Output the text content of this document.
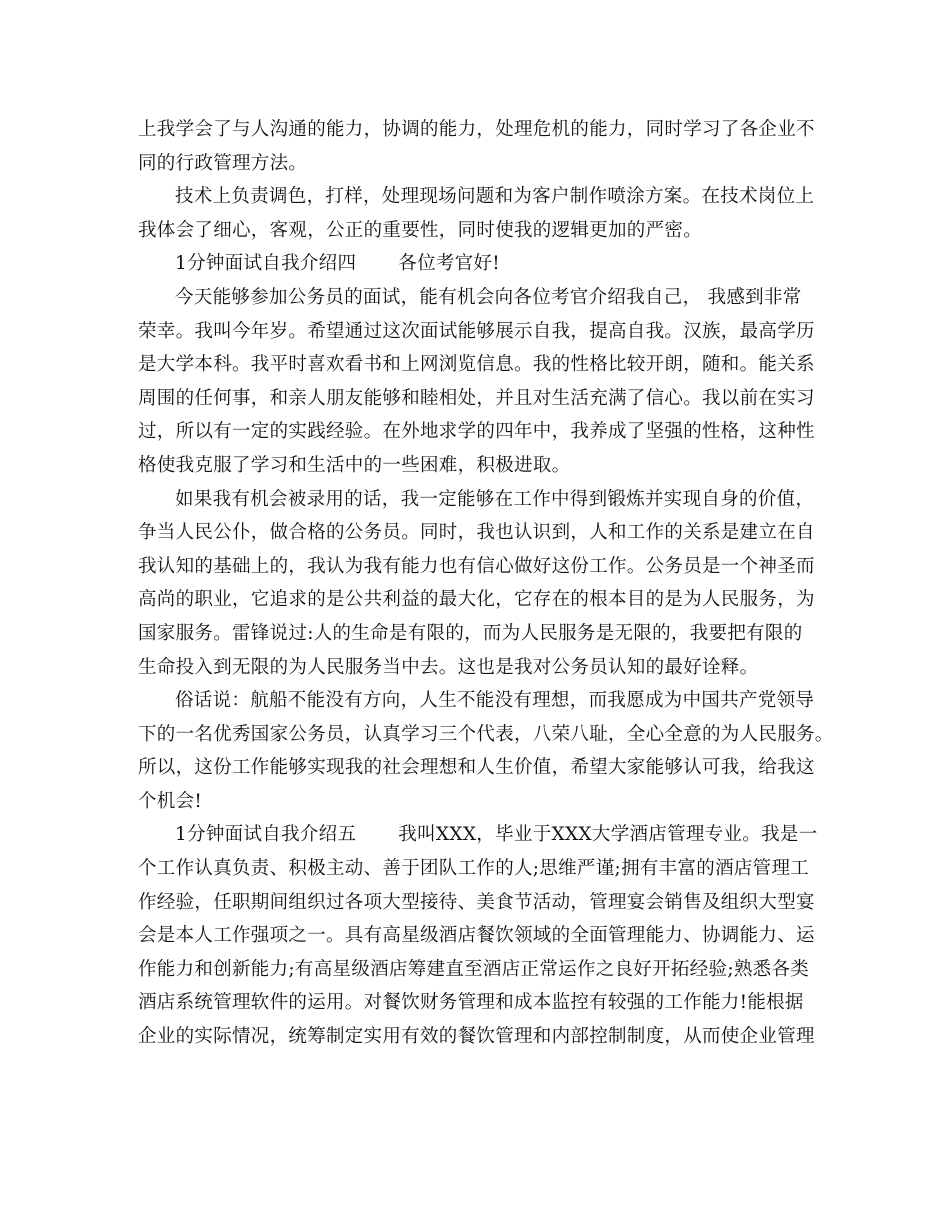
上我学会了与人沟通的能力，协调的能力，处理危机的能力，同时学习了各企业不
同的行政管理方法。
技术上负责调色，打样，处理现场问题和为客户制作喷涂方案。在技术岗位上
我体会了细心，客观，公正的重要性，同时使我的逻辑更加的严密。
1分钟面试自我介绍四 各位考官好!
今天能够参加公务员的面试，能有机会向各位考官介绍我自己， 我感到非常
荣幸。我叫今年岁。希望通过这次面试能够展示自我，提高自我。汉族，最高学历
是大学本科。我平时喜欢看书和上网浏览信息。我的性格比较开朗，随和。能关系
周围的任何事，和亲人朋友能够和睦相处，并且对生活充满了信心。我以前在实习
过，所以有一定的实践经验。在外地求学的四年中，我养成了坚强的性格，这种性
格使我克服了学习和生活中的一些困难，积极进取。
如果我有机会被录用的话，我一定能够在工作中得到锻炼并实现自身的价值，
争当人民公仆，做合格的公务员。同时，我也认识到，人和工作的关系是建立在自
我认知的基础上的，我认为我有能力也有信心做好这份工作。公务员是一个神圣而
高尚的职业，它追求的是公共利益的最大化，它存在的根本目的是为人民服务，为
国家服务。雷锋说过:人的生命是有限的，而为人民服务是无限的，我要把有限的
生命投入到无限的为人民服务当中去。这也是我对公务员认知的最好诠释。
俗话说：航船不能没有方向，人生不能没有理想，而我愿成为中国共产党领导
下的一名优秀国家公务员，认真学习三个代表，八荣八耻，全心全意的为人民服务。
所以，这份工作能够实现我的社会理想和人生价值，希望大家能够认可我，给我这
个机会!
1分钟面试自我介绍五 我叫XXX，毕业于XXX大学酒店管理专业。我是一
个工作认真负责、积极主动、善于团队工作的人;思维严谨;拥有丰富的酒店管理工
作经验，任职期间组织过各项大型接待、美食节活动，管理宴会销售及组织大型宴
会是本人工作强项之一。具有高星级酒店餐饮领域的全面管理能力、协调能力、运
作能力和创新能力;有高星级酒店筹建直至酒店正常运作之良好开拓经验;熟悉各类
酒店系统管理软件的运用。对餐饮财务管理和成本监控有较强的工作能力!能根据
企业的实际情况，统筹制定实用有效的餐饮管理和内部控制制度，从而使企业管理
